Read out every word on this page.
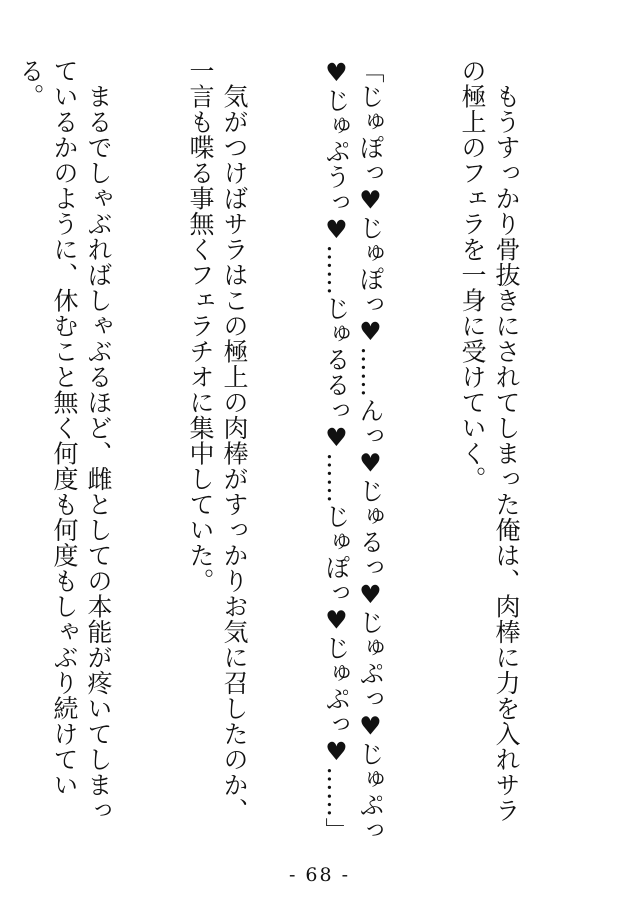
　もうすっかり骨抜きにされてしまった俺は、肉棒に力を入れサラの極上のフェラを一身に受けていく。

「じゅぽっ♥じゅぽっ♥……んっ♥じゅるっ♥じゅぷっ♥じゅぷっ♥じゅぷうっ♥……じゅるるっ♥……じゅぽっ♥じゅぷっ♥……」

　気がつけばサラはこの極上の肉棒がすっかりお気に召したのか、一言も喋る事無くフェラチオに集中していた。

　まるでしゃぶればしゃぶるほど、雌としての本能が疼いてしまっているかのように、休むこと無く何度も何度もしゃぶり続けている。

- 68 -
